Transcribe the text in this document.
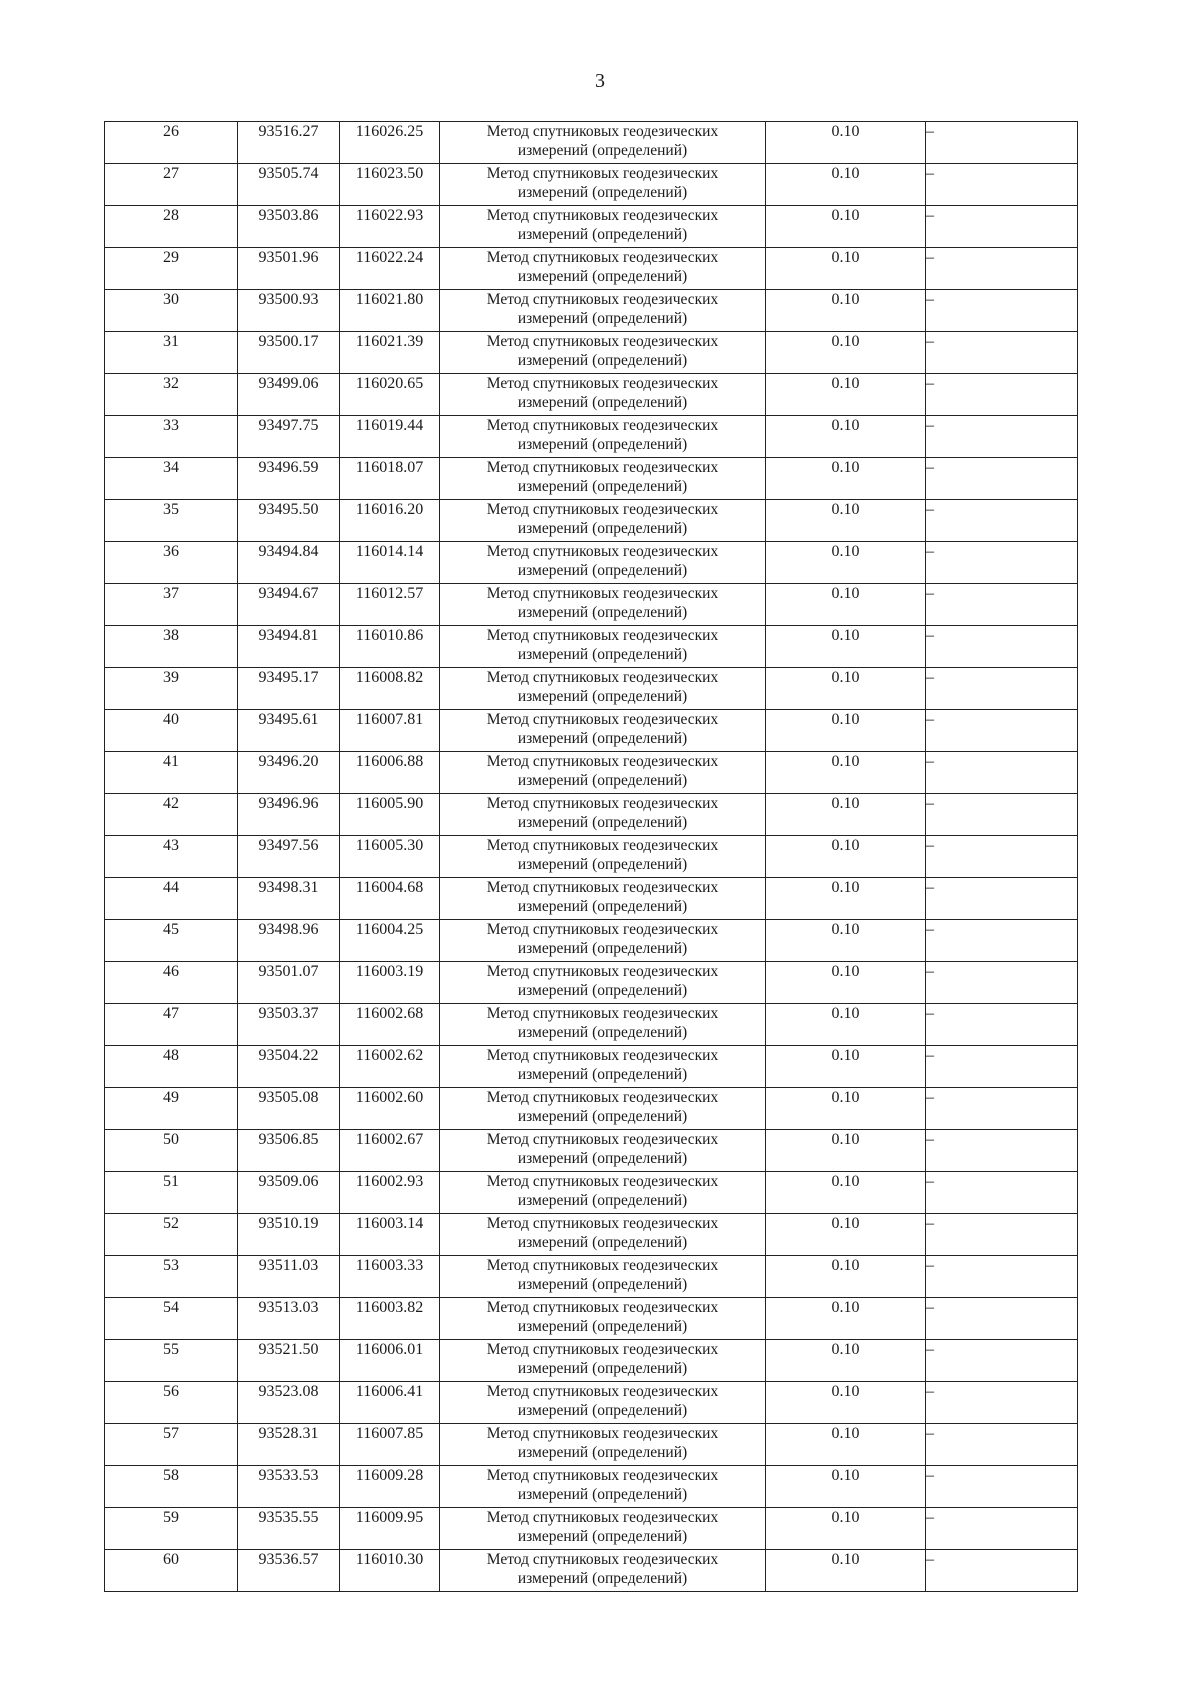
3
26	93516.27	116026.25	Метод спутниковых геодезических
измерений (определений)	0.10	–
27	93505.74	116023.50	Метод спутниковых геодезических
измерений (определений)	0.10	–
28	93503.86	116022.93	Метод спутниковых геодезических
измерений (определений)	0.10	–
29	93501.96	116022.24	Метод спутниковых геодезических
измерений (определений)	0.10	–
30	93500.93	116021.80	Метод спутниковых геодезических
измерений (определений)	0.10	–
31	93500.17	116021.39	Метод спутниковых геодезических
измерений (определений)	0.10	–
32	93499.06	116020.65	Метод спутниковых геодезических
измерений (определений)	0.10	–
33	93497.75	116019.44	Метод спутниковых геодезических
измерений (определений)	0.10	–
34	93496.59	116018.07	Метод спутниковых геодезических
измерений (определений)	0.10	–
35	93495.50	116016.20	Метод спутниковых геодезических
измерений (определений)	0.10	–
36	93494.84	116014.14	Метод спутниковых геодезических
измерений (определений)	0.10	–
37	93494.67	116012.57	Метод спутниковых геодезических
измерений (определений)	0.10	–
38	93494.81	116010.86	Метод спутниковых геодезических
измерений (определений)	0.10	–
39	93495.17	116008.82	Метод спутниковых геодезических
измерений (определений)	0.10	–
40	93495.61	116007.81	Метод спутниковых геодезических
измерений (определений)	0.10	–
41	93496.20	116006.88	Метод спутниковых геодезических
измерений (определений)	0.10	–
42	93496.96	116005.90	Метод спутниковых геодезических
измерений (определений)	0.10	–
43	93497.56	116005.30	Метод спутниковых геодезических
измерений (определений)	0.10	–
44	93498.31	116004.68	Метод спутниковых геодезических
измерений (определений)	0.10	–
45	93498.96	116004.25	Метод спутниковых геодезических
измерений (определений)	0.10	–
46	93501.07	116003.19	Метод спутниковых геодезических
измерений (определений)	0.10	–
47	93503.37	116002.68	Метод спутниковых геодезических
измерений (определений)	0.10	–
48	93504.22	116002.62	Метод спутниковых геодезических
измерений (определений)	0.10	–
49	93505.08	116002.60	Метод спутниковых геодезических
измерений (определений)	0.10	–
50	93506.85	116002.67	Метод спутниковых геодезических
измерений (определений)	0.10	–
51	93509.06	116002.93	Метод спутниковых геодезических
измерений (определений)	0.10	–
52	93510.19	116003.14	Метод спутниковых геодезических
измерений (определений)	0.10	–
53	93511.03	116003.33	Метод спутниковых геодезических
измерений (определений)	0.10	–
54	93513.03	116003.82	Метод спутниковых геодезических
измерений (определений)	0.10	–
55	93521.50	116006.01	Метод спутниковых геодезических
измерений (определений)	0.10	–
56	93523.08	116006.41	Метод спутниковых геодезических
измерений (определений)	0.10	–
57	93528.31	116007.85	Метод спутниковых геодезических
измерений (определений)	0.10	–
58	93533.53	116009.28	Метод спутниковых геодезических
измерений (определений)	0.10	–
59	93535.55	116009.95	Метод спутниковых геодезических
измерений (определений)	0.10	–
60	93536.57	116010.30	Метод спутниковых геодезических
измерений (определений)	0.10	–
